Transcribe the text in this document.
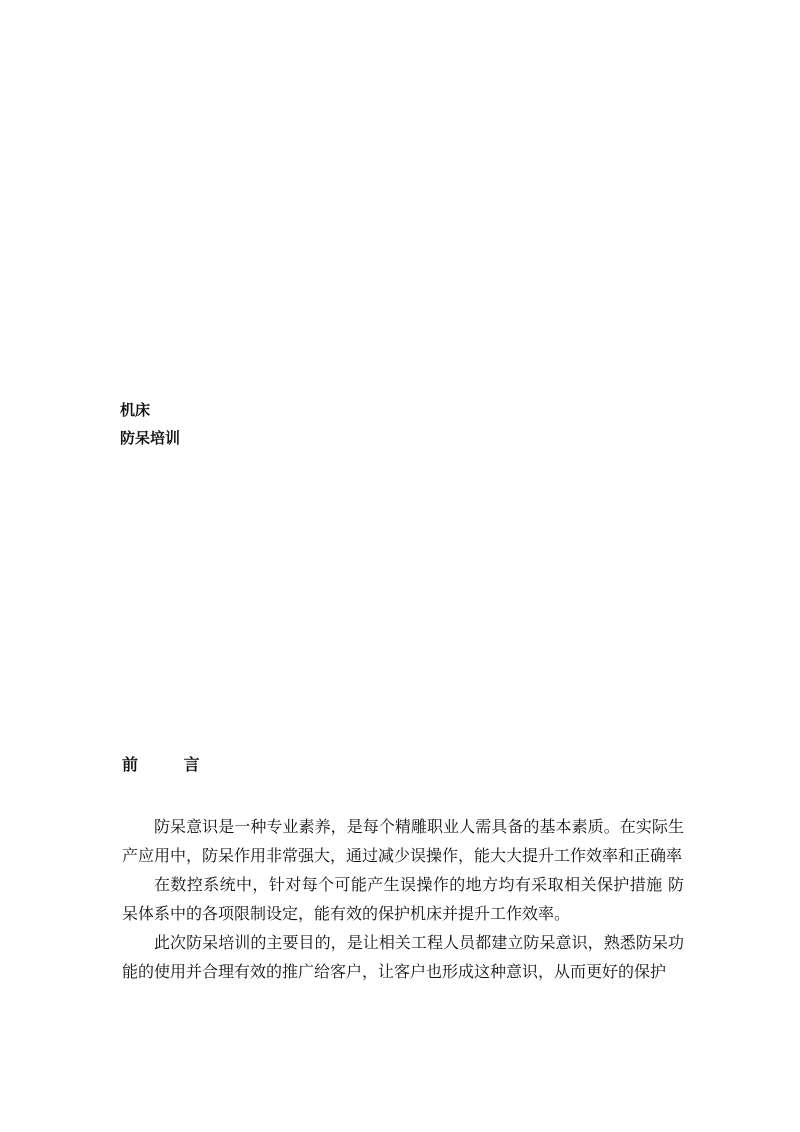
机床

防呆培训

前 言

防呆意识是一种专业素养，是每个精雕职业人需具备的基本素质。在实际生产应用中，防呆作用非常强大，通过减少误操作，能大大提升工作效率和正确率

在数控系统中，针对每个可能产生误操作的地方均有采取相关保护措施 防呆体系中的各项限制设定，能有效的保护机床并提升工作效率。

此次防呆培训的主要目的，是让相关工程人员都建立防呆意识，熟悉防呆功能的使用并合理有效的推广给客户，让客户也形成这种意识，从而更好的保护
